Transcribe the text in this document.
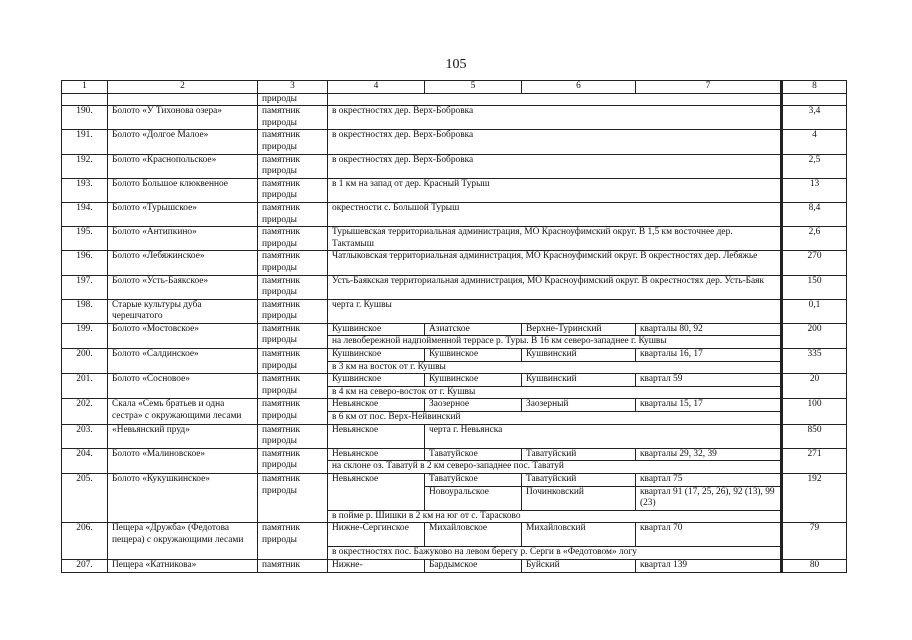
105
1	2	3	4	5	6	7	8
		природы					
190.	Болото «У Тихонова озера»	памятник природы	в окрестностях дер. Верх-Бобровка				3,4
191.	Болото «Долгое Малое»	памятник природы	в окрестностях дер. Верх-Бобровка				4
192.	Болото «Краснопольское»	памятник природы	в окрестностях дер. Верх-Бобровка				2,5
193.	Болото Большое клюквенное	памятник природы	в 1 км на запад от дер. Красный Турыш				13
194.	Болото «Турышское»	памятник природы	окрестности с. Большой Турыш				8,4
195.	Болото «Антипкино»	памятник природы	Турышевская территориальная администрация, МО Красноуфимский округ. В 1,5 км восточнее дер. Тактамыш				2,6
196.	Болото «Лебяжинское»	памятник природы	Чатлыковская территориальная администрация, МО Красноуфимский округ. В окрестностях дер. Лебяжье				270
197.	Болото «Усть-Баякское»	памятник природы	Усть-Баякская территориальная администрация, МО Красноуфимский округ. В окрестностях дер. Усть-Баяк				150
198.	Старые культуры дуба черешчатого	памятник природы	черта г. Кушвы				0,1
199.	Болото «Мостовское»	памятник природы	Кушвинское	Азиатское	Верхне-Туринский	кварталы 80, 92	200
			на левобережной надпойменной террасе р. Туры. В 16 км северо-западнее г. Кушвы				
200.	Болото «Салдинское»	памятник природы	Кушвинское	Кушвинское	Кушвинский	кварталы 16, 17	335
			в 3 км на восток от г. Кушвы				
201.	Болото «Сосновое»	памятник природы	Кушвинское	Кушвинское	Кушвинский	квартал 59	20
			в 4 км на северо-восток от г. Кушвы				
202.	Скала «Семь братьев и одна сестра» с окружающими лесами	памятник природы	Невьянское	Заозерное	Заозерный	кварталы 15, 17	100
			в 6 км от пос. Верх-Нейвинский				
203.	«Невьянский пруд»	памятник природы	Невьянское	черта г. Невьянска			850
204.	Болото «Малиновское»	памятник природы	Невьянское	Таватуйское	Таватуйский	кварталы 29, 32, 39	271
			на склоне оз. Таватуй в 2 км северо-западнее пос. Таватуй				
205.	Болото «Кукушкинское»	памятник природы	Невьянское	Таватуйское	Таватуйский	квартал 75	192
				Новоуральское	Починковский	квартал 91 (17, 25, 26), 92 (13), 99 (23)	
			в пойме р. Шишки в 2 км на юг от с. Тарасково				
206.	Пещера «Дружба» (Федотова пещера) с окружающими лесами	памятник природы	Нижне-Сергинское	Михайловское	Михайловский	квартал 70	79
			в окрестностях пос. Бажуково на левом берегу р. Серги в «Федотовом» логу				
207.	Пещера «Катникова»	памятник	Нижне-	Бардымское	Буйский	квартал 139	80
